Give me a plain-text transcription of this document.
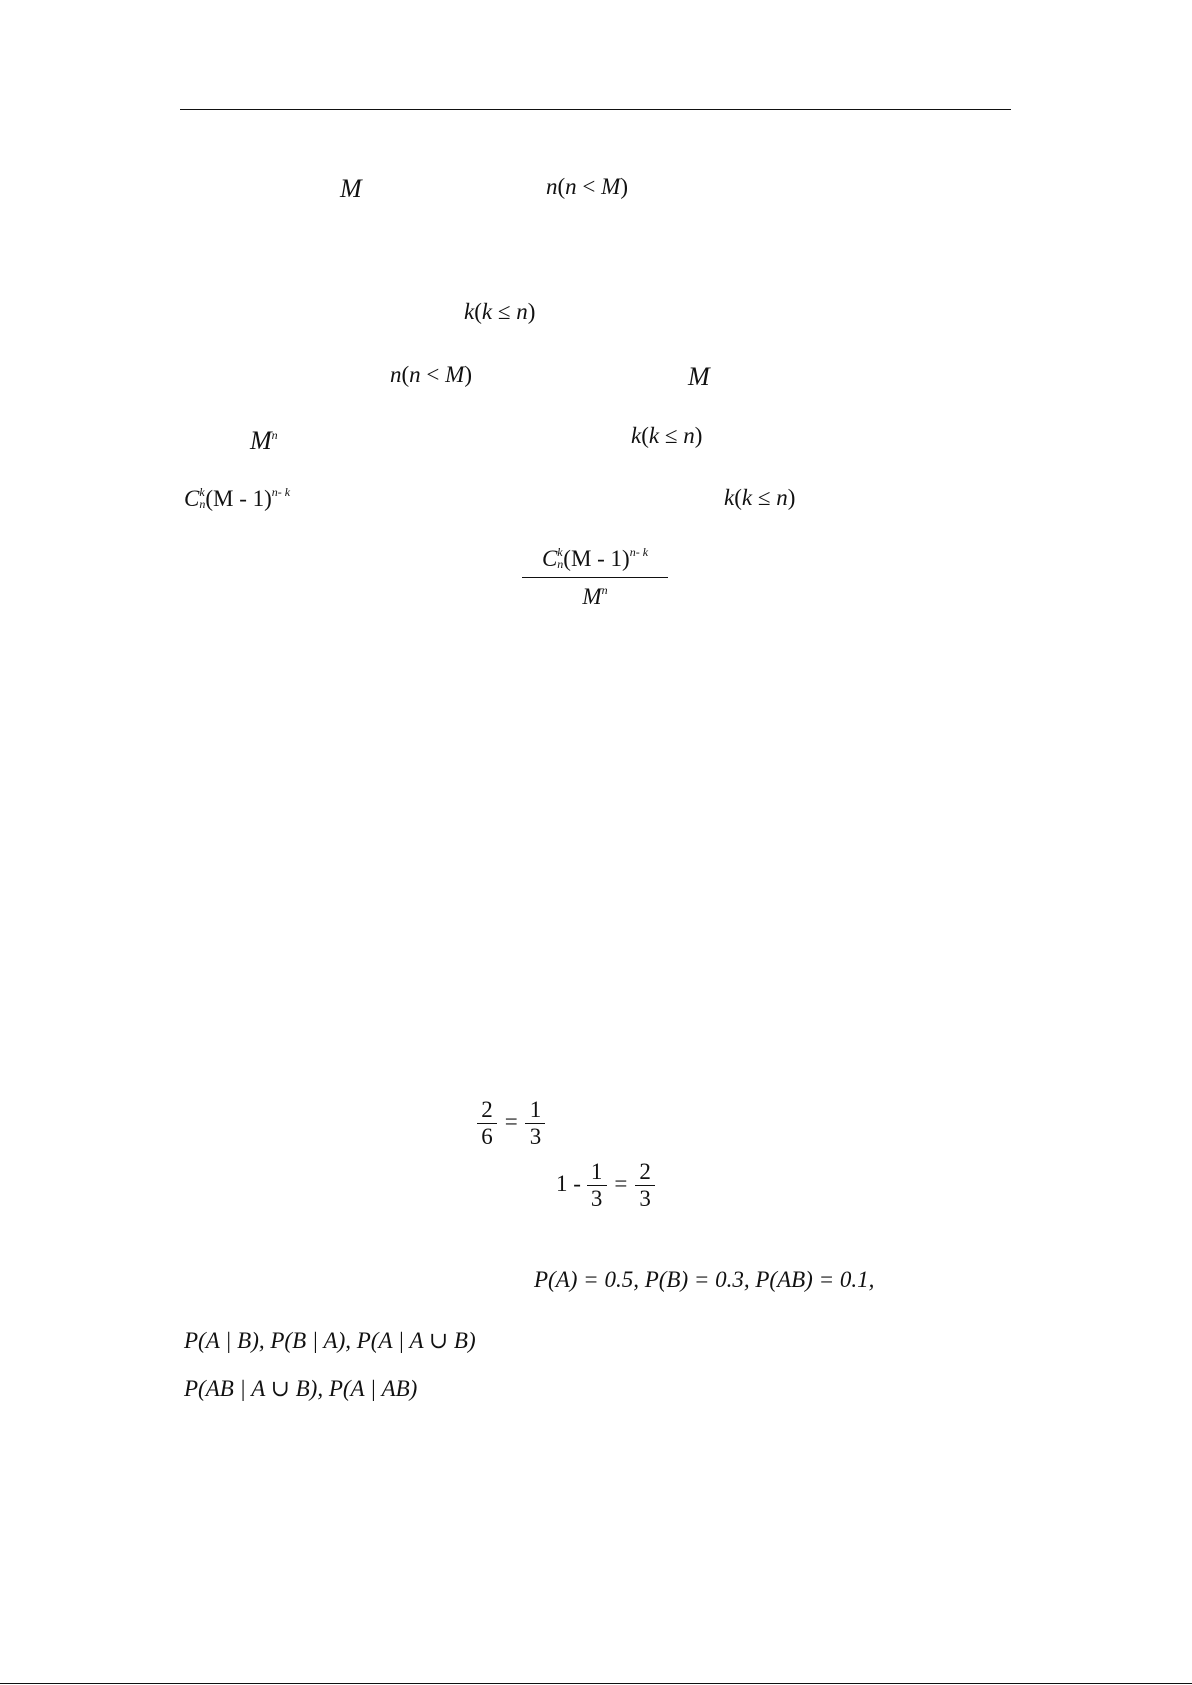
M	n(n < M)
k(k ≤ n)
n(n < M)	M
$M^n$	k(k ≤ n)
C k
n (M - 1)$^{n- k}$	k(k ≤ n)
C k
n (M - 1)$^{n- k}$
$M^n$
$\frac{2}{6} = \frac{1}{3}$
$1 - \frac{1}{3} = \frac{2}{3}$
P(A) = 0.5, P(B) = 0.3, P(AB) = 0.1,
P(A | B), P(B | A), P(A | A ∪ B)
P(AB | A ∪ B), P(A | AB)
